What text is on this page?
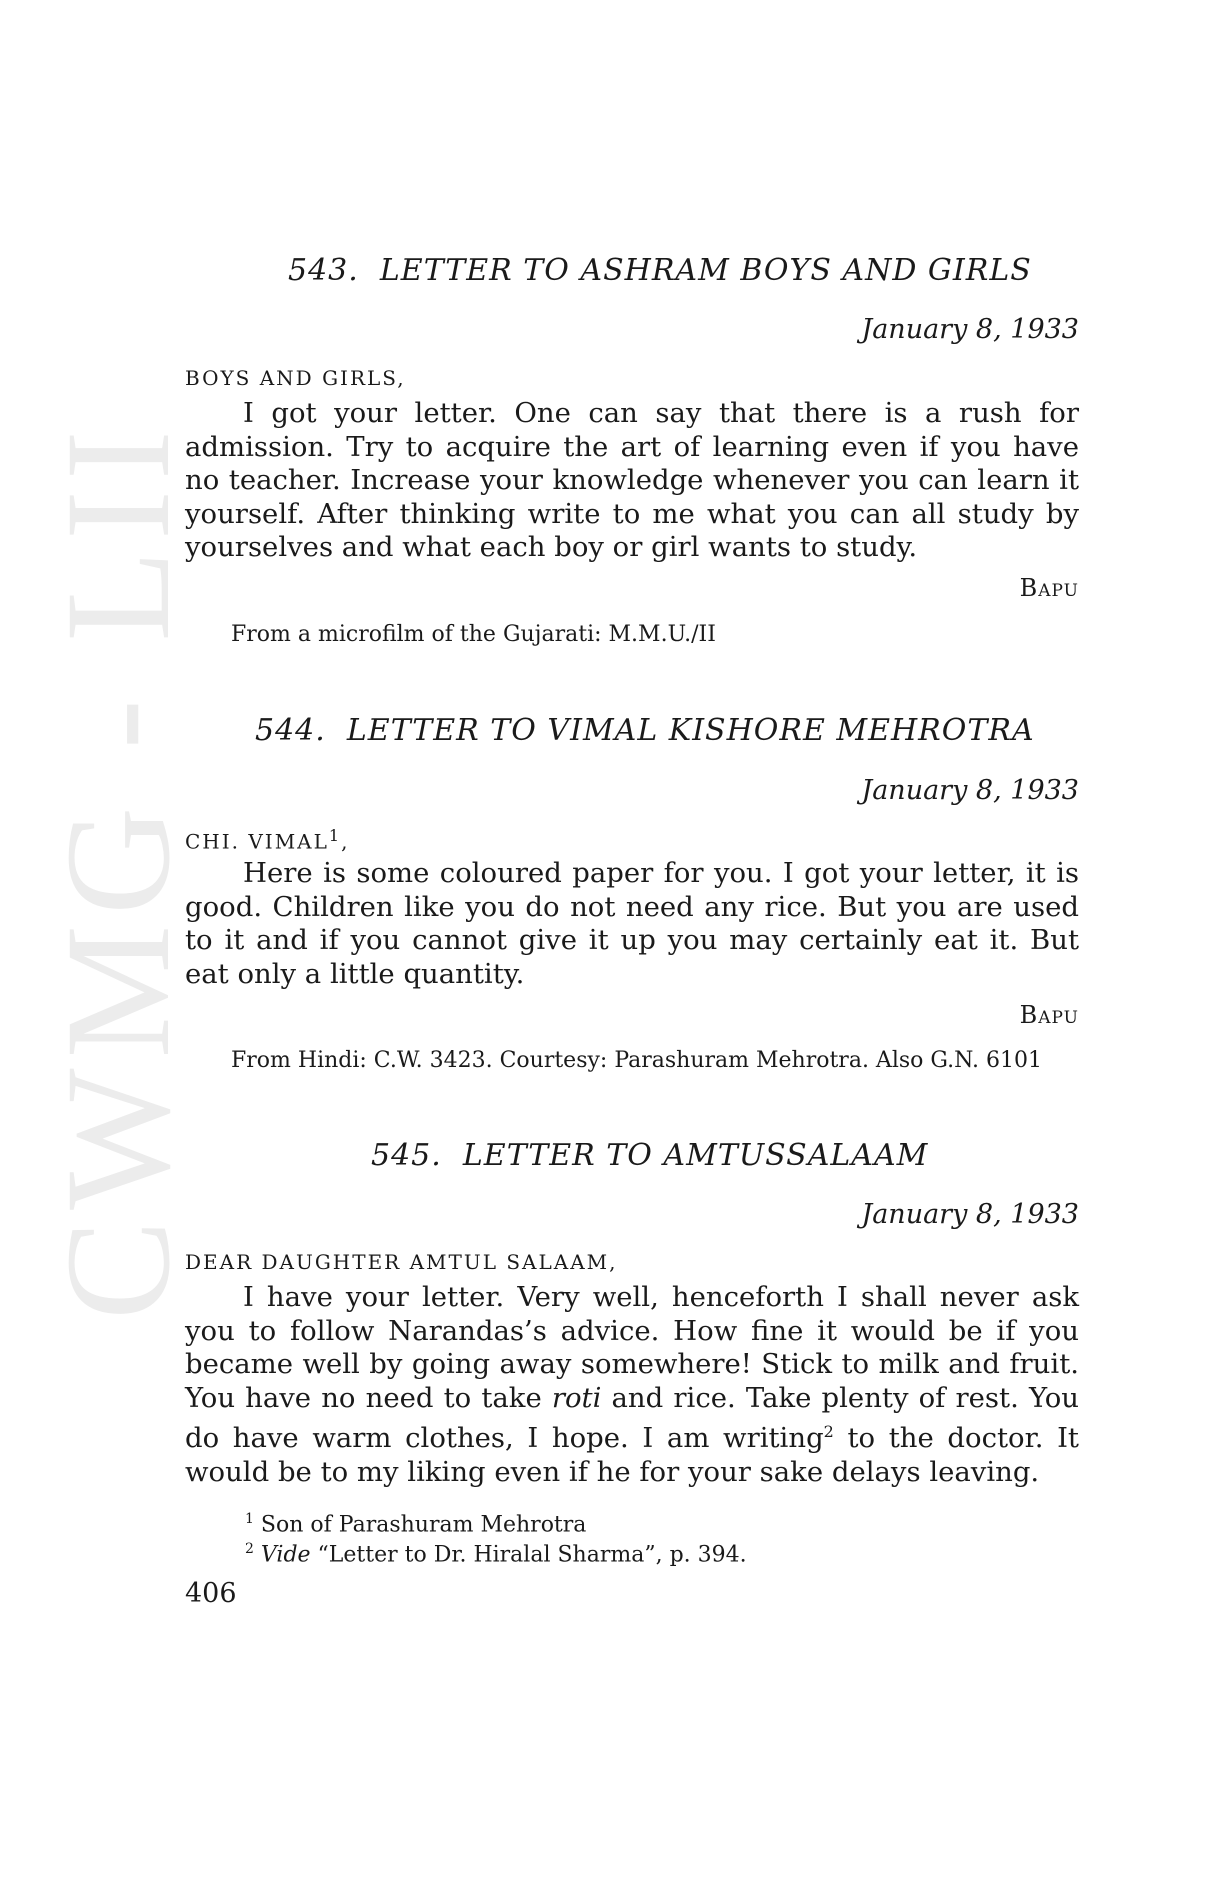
CWMG - LII
543. LETTER TO ASHRAM BOYS AND GIRLS
January 8, 1933
BOYS AND GIRLS,

I got your letter. One can say that there is a rush for admission. Try to acquire the art of learning even if you have no teacher. Increase your knowledge whenever you can learn it yourself. After thinking write to me what you can all study by yourselves and what each boy or girl wants to study.

Bapu
From a microfilm of the Gujarati: M.M.U./II
544. LETTER TO VIMAL KISHORE MEHROTRA
January 8, 1933
CHI. VIMAL$^1$,

Here is some coloured paper for you. I got your letter, it is good. Children like you do not need any rice. But you are used to it and if you cannot give it up you may certainly eat it. But eat only a little quantity.

Bapu
From Hindi: C.W. 3423. Courtesy: Parashuram Mehrotra. Also G.N. 6101
545. LETTER TO AMTUSSALAAM
January 8, 1933
DEAR DAUGHTER AMTUL SALAAM,

I have your letter. Very well, henceforth I shall never ask you to follow Narandas’s advice. How fine it would be if you became well by going away somewhere! Stick to milk and fruit. You have no need to take roti and rice. Take plenty of rest. You do have warm clothes, I hope. I am writing$^2$ to the doctor. It would be to my liking even if he for your sake delays leaving.

$^1$ Son of Parashuram Mehrotra
$^2$ Vide “Letter to Dr. Hiralal Sharma”, p. 394.
406
